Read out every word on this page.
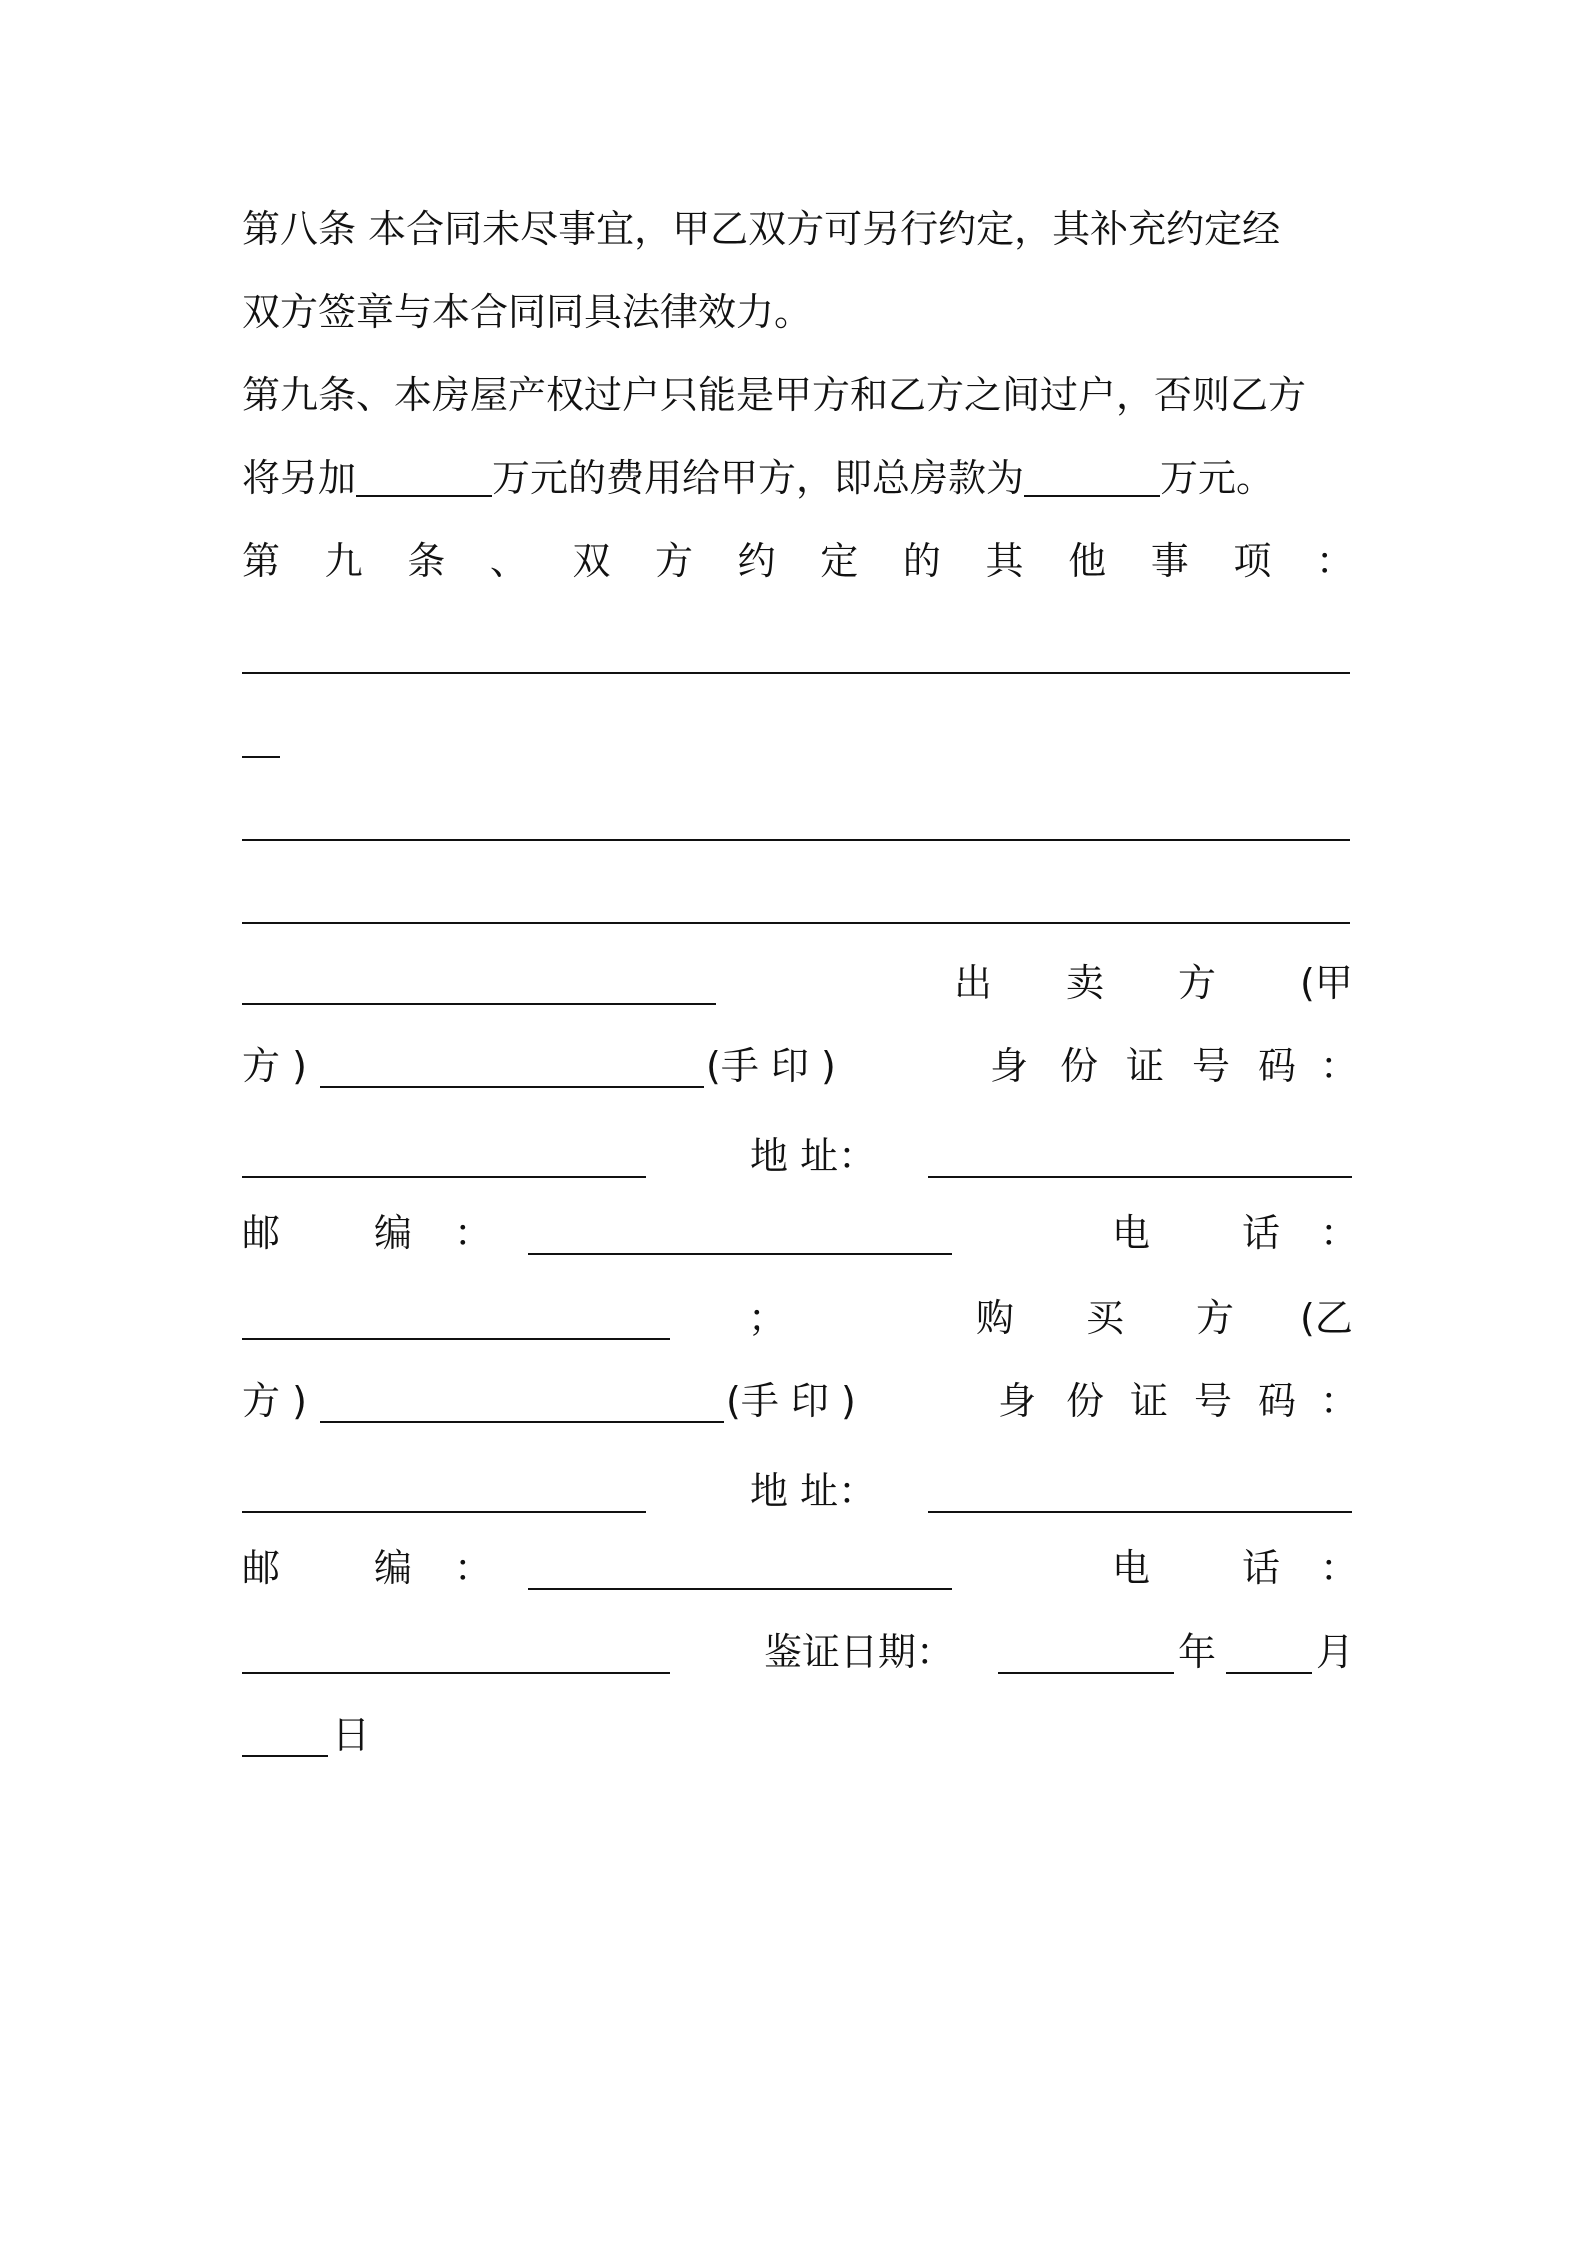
第八条 本合同未尽事宜，甲乙双方可另行约定，其补充约定经
双方签章与本合同同具法律效力。
第九条、本房屋产权过户只能是甲方和乙方之间过户，否则乙方
将另加	万元的费用给甲方，即总房款为	万元。
第 九 条 、 双 方 约 定 的 其 他 事 项 ：
出 卖 方 (甲
方 )	(手 印 )	身 份 证 号 码 ：
地 址：
邮 编 ：	电 话 ：
；	购 买 方 (乙
方 )	(手 印 )	身 份 证 号 码 ：
地 址：
邮 编 ：	电 话 ：
鉴证日期：	年	月
日
